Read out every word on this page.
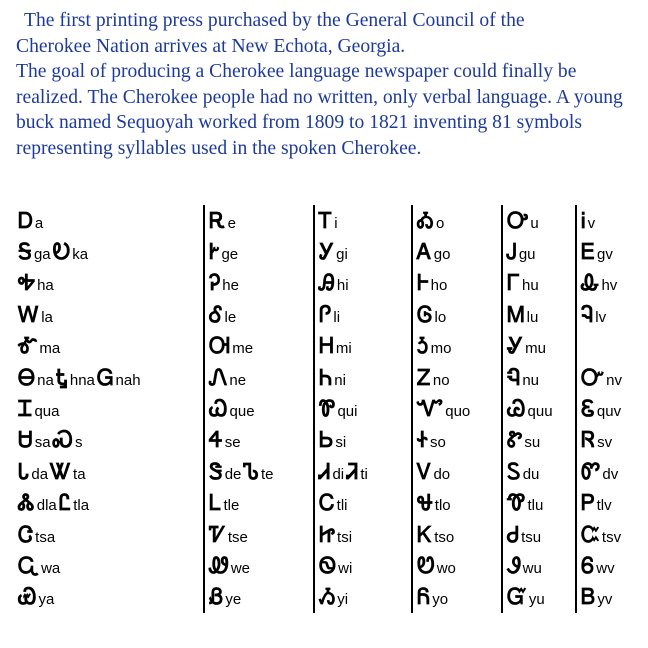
The first printing press purchased by the General Council of the

Cherokee Nation arrives at New Echota, Georgia.

The goal of producing a Cherokee language newspaper could finally be realized. The Cherokee people had no written, only verbal language. A young buck named Sequoyah worked from 1809 to 1821 inventing 81 symbols representing syllables used in the spoken Cherokee.

Ꭰ a	Ꭱ e	Ꭲ i	Ꭳ o	Ꭴ u	Ꭵ v
Ꭶ gaᎧ ka	Ꭸ ge	Ꭹ gi	Ꭺ go	Ꭻ gu	Ꭼ gv
Ꭽ ha	Ꭾ he	Ꭿ hi	Ꮀ ho	Ꮁ hu	Ꮂ hv
Ꮃ la	Ꮄ le	Ꮅ li	Ꮆ lo	Ꮇ lu	Ꮈ lv
Ꮉ ma	Ꮊ me	Ꮋ mi	Ꮌ mo	Ꮍ mu	
Ꮎ naᎿ hnaᏀ nah	Ꮑ ne	Ꮒ ni	Ꮓ no	Ꮔ nu	Ꮕ nv
Ꮖ qua	Ꮗ que	Ꮘ qui	Ꮙ quo	Ꮚ quu	Ꮛ quv
Ꮜ saᏍ s	Ꮞ se	Ꮟ si	Ꮠ so	Ꮡ su	Ꮢ sv
Ꮣ daᏔ ta	Ꮥ deᏖ te	Ꮧ diᏘ ti	Ꮩ do	Ꮪ du	Ꮫ dv
Ꮬ dlaᏝ tla	Ꮮ tle	Ꮯ tli	Ꮰ tlo	Ꮱ tlu	Ꮲ tlv
Ꮳ tsa	Ꮴ tse	Ꮵ tsi	Ꮶ tso	Ꮷ tsu	Ꮸ tsv
Ꮹ wa	Ꮺ we	Ꮻ wi	Ꮼ wo	Ꮽ wu	Ꮾ wv
Ꮿ ya	Ᏸ ye	Ᏹ yi	Ᏺ yo	Ᏻ yu	Ᏼ yv
